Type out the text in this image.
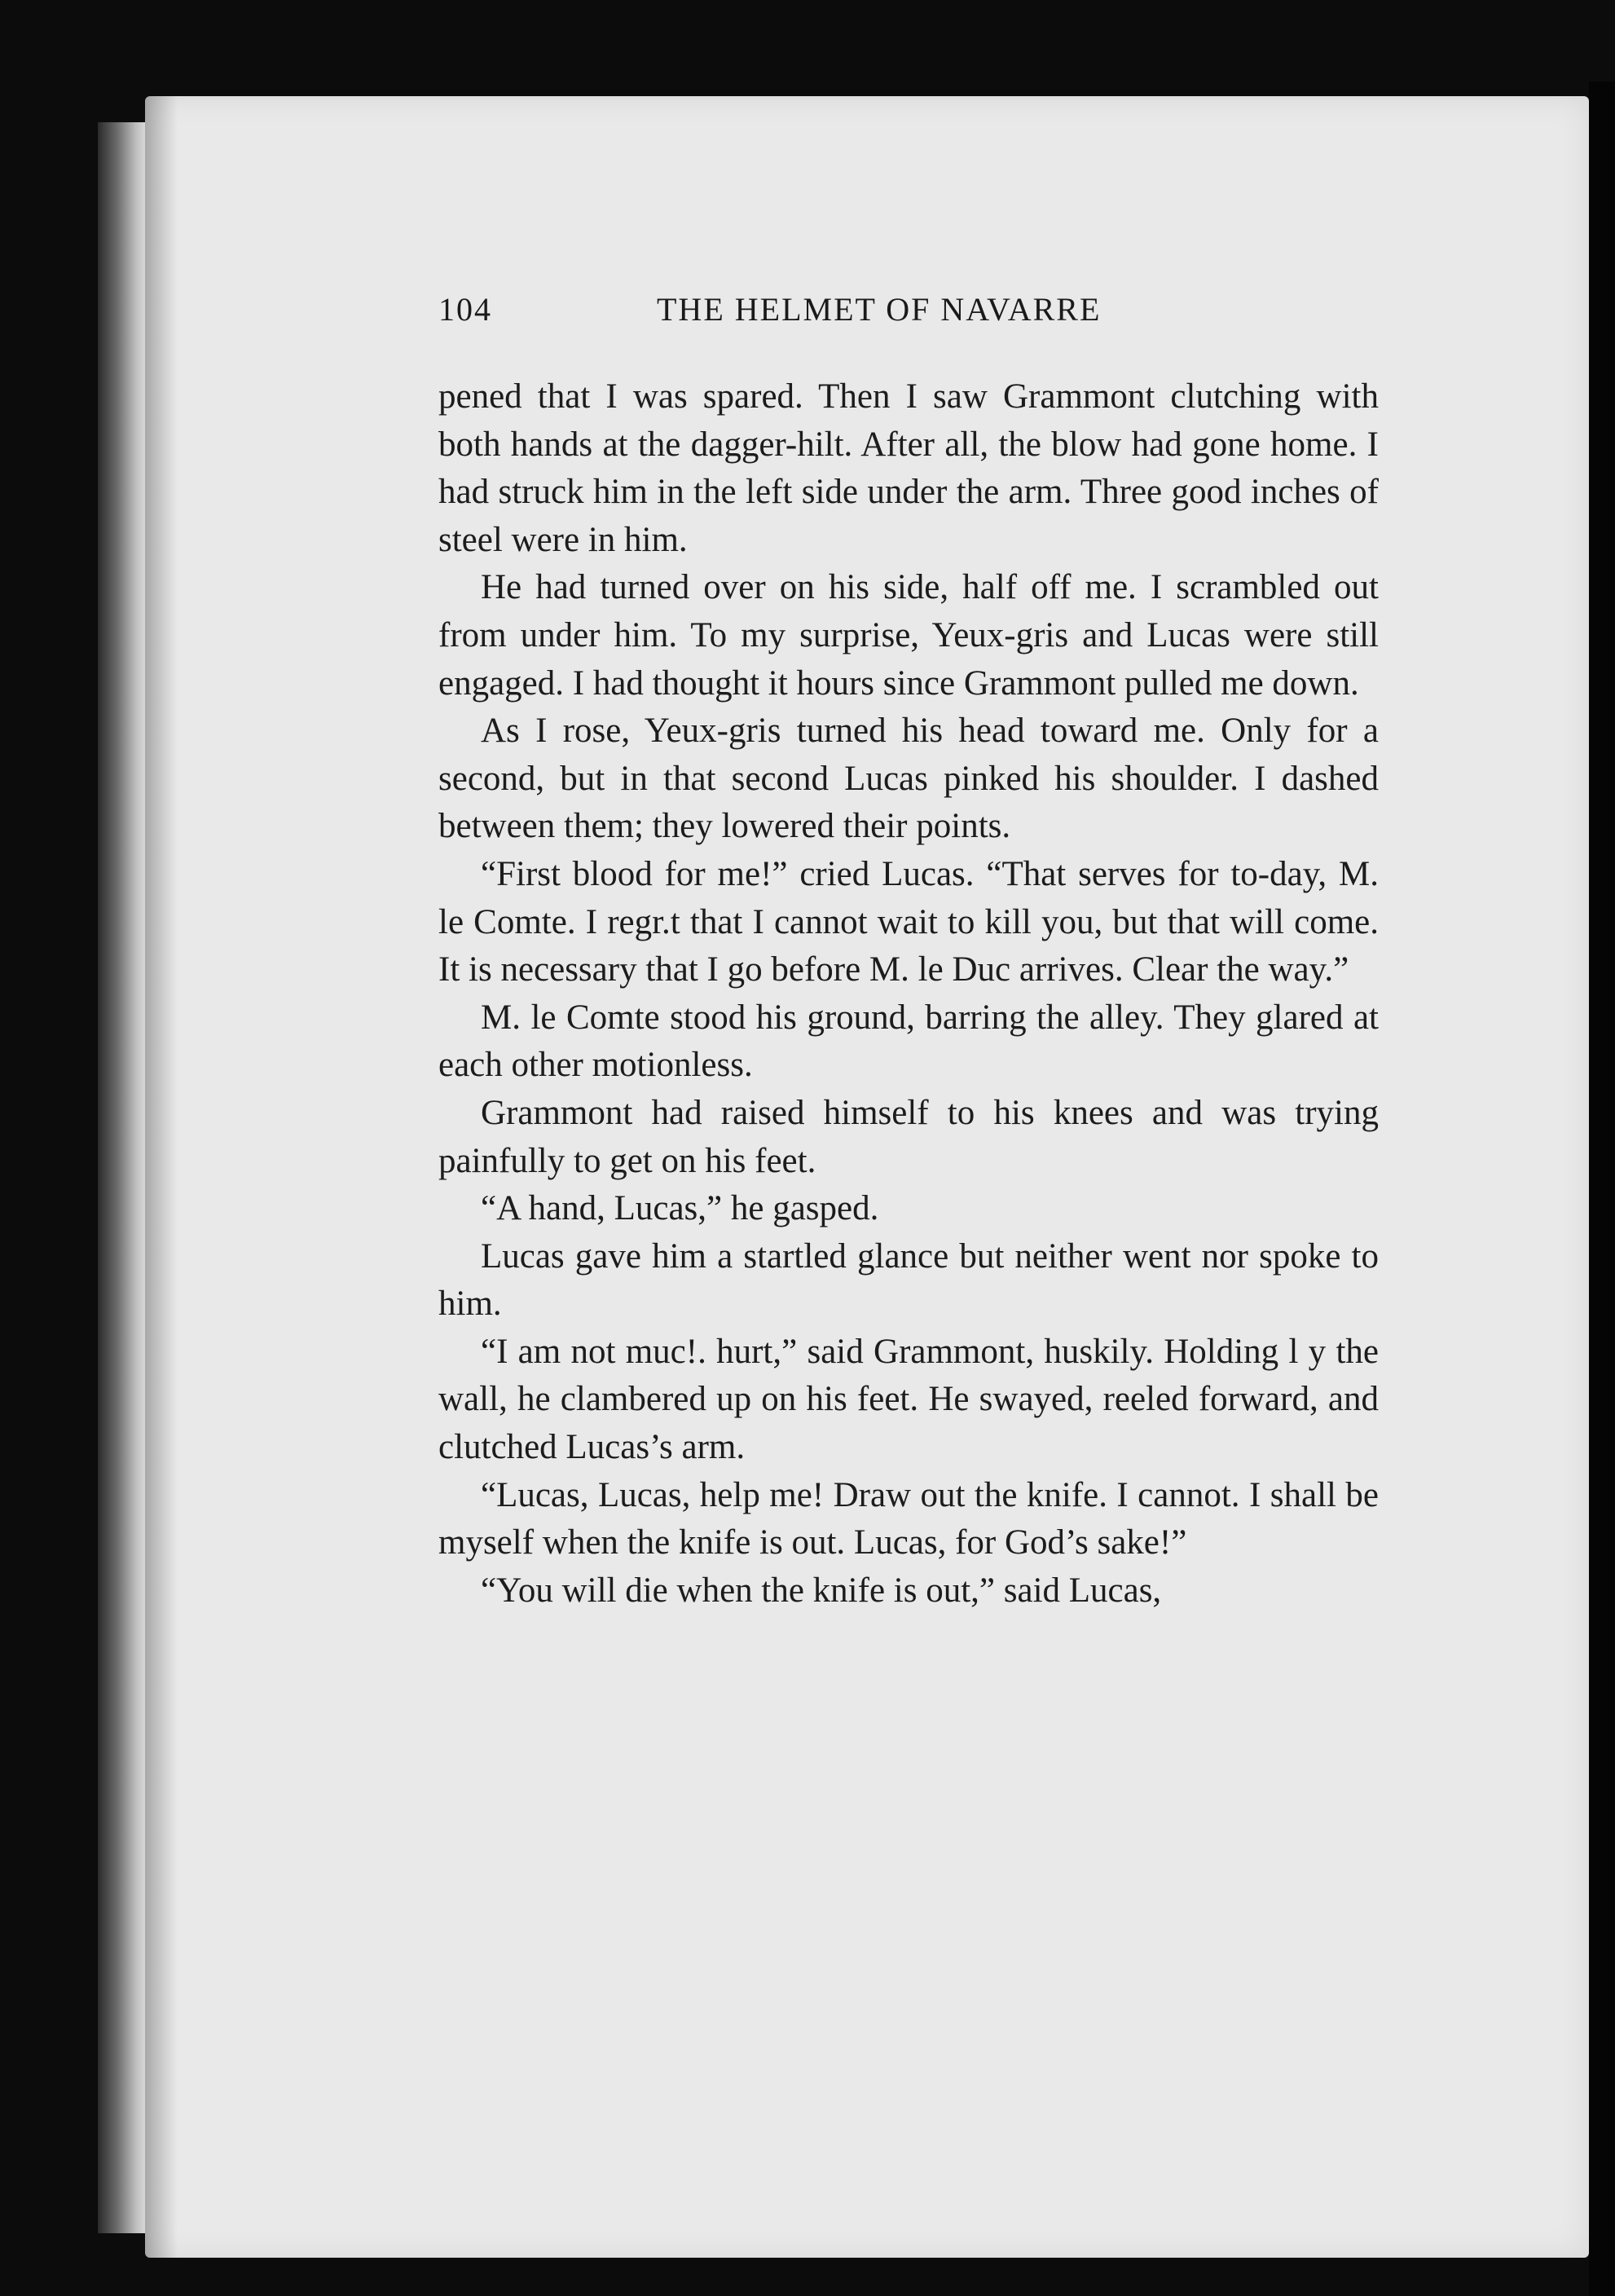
104	THE HELMET OF NAVARRE

pened that I was spared. Then I saw Grammont clutching with both hands at the dagger-hilt. After all, the blow had gone home. I had struck him in the left side under the arm. Three good inches of steel were in him.

He had turned over on his side, half off me. I scrambled out from under him. To my surprise, Yeux-gris and Lucas were still engaged. I had thought it hours since Grammont pulled me down.

As I rose, Yeux-gris turned his head toward me. Only for a second, but in that second Lucas pinked his shoulder. I dashed between them; they lowered their points.

“First blood for me!” cried Lucas. “That serves for to-day, M. le Comte. I regr.t that I cannot wait to kill you, but that will come. It is necessary that I go before M. le Duc arrives. Clear the way.”

M. le Comte stood his ground, barring the alley. They glared at each other motionless.

Grammont had raised himself to his knees and was trying painfully to get on his feet.

“A hand, Lucas,” he gasped.

Lucas gave him a startled glance but neither went nor spoke to him.

“I am not muc!. hurt,” said Grammont, huskily. Holding l y the wall, he clambered up on his feet. He swayed, reeled forward, and clutched Lucas’s arm.

“Lucas, Lucas, help me! Draw out the knife. I cannot. I shall be myself when the knife is out. Lucas, for God’s sake!”

“You will die when the knife is out,” said Lucas,
